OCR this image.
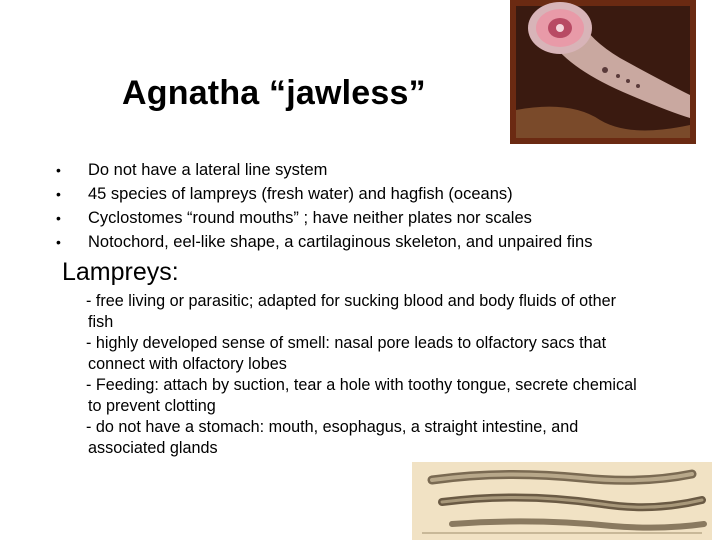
Agnatha “jawless”
• Do not have a lateral line system
• 45 species of lampreys (fresh water) and hagfish (oceans)
• Cyclostomes “round mouths” ; have neither plates nor scales
• Notochord, eel-like shape, a cartilaginous skeleton, and unpaired fins
Lampreys:
- free living or parasitic; adapted for sucking blood and body fluids of other fish
- highly developed sense of smell: nasal pore leads to olfactory sacs that connect with olfactory lobes
- Feeding: attach by suction, tear a hole with toothy tongue, secrete chemical to prevent clotting
- do not have a stomach: mouth, esophagus, a straight intestine, and associated glands
